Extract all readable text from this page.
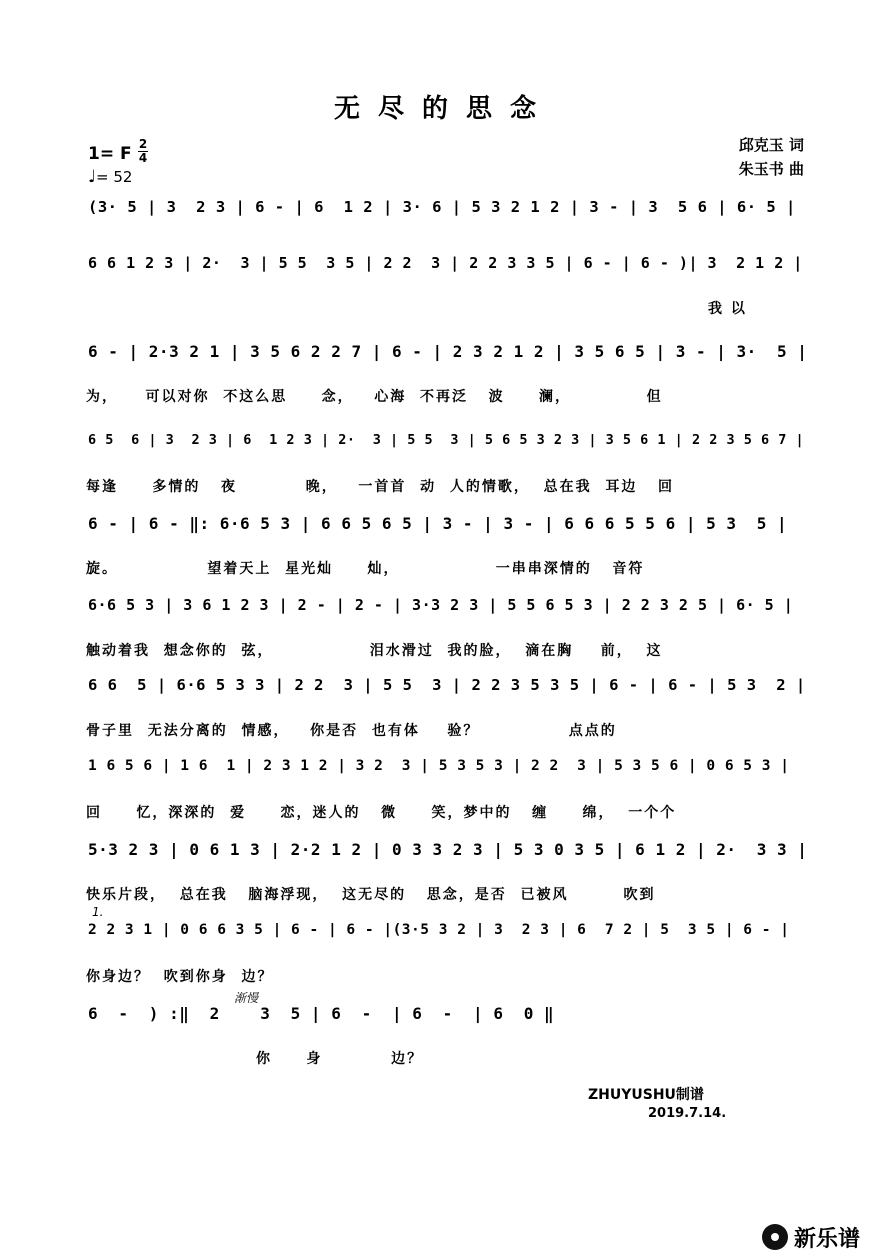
无尽的思念
1= F 2
4
♩= 52
邱克玉 词
朱玉书 曲
(3· 5 | 3  2 3 | 6 - | 6  1 2 | 3· 6 | 5 3 2 1 2 | 3 - | 3  5 6 | 6· 5 |
6 6 1 2 3 | 2·  3 | 5 5  3 5 | 2 2  3 | 2 2 3 3 5 | 6 - | 6 - )| 3  2 1 2 |
我 以
6 - | 2·3 2 1 | 3 5 6 2 2 7 | 6 - | 2 3 2 1 2 | 3 5 6 5 | 3 - | 3·  5 |
为，    可以对你  不这么思     念，   心海  不再泛   波     澜，           但
6 5  6 | 3  2 3 | 6  1 2 3 | 2·  3 | 5 5  3 | 5 6 5 3 2 3 | 3 5 6 1 | 2 2 3 5 6 7 |
每逢     多情的   夜          晚，   一首首  动  人的情歌，  总在我  耳边   回
6 - | 6 - ‖: 6·6 5 3 | 6 6 5 6 5 | 3 - | 3 - | 6 6 6 5 5 6 | 5 3  5 |
旋。             望着天上  星光灿     灿，              一串串深情的   音符
6·6 5 3 | 3 6 1 2 3 | 2 - | 2 - | 3·3 2 3 | 5 5 6 5 3 | 2 2 3 2 5 | 6· 5 |
触动着我  想念你的  弦，              泪水滑过  我的脸，  滴在胸    前，  这
6 6  5 | 6·6 5 3 3 | 2 2  3 | 5 5  3 | 2 2 3 5 3 5 | 6 - | 6 - | 5 3  2 |
骨子里  无法分离的  情感，   你是否  也有体    验？             点点的
1 6 5 6 | 1 6  1 | 2 3 1 2 | 3 2  3 | 5 3 5 3 | 2 2  3 | 5 3 5 6 | 0 6 5 3 |
回     忆，深深的  爱     恋，迷人的   微     笑，梦中的   缠     绵，  一个个
5·3 2 3 | 0 6 1 3 | 2·2 1 2 | 0 3 3 2 3 | 5 3 0 3 5 | 6 1 2 | 2·  3 3 |
快乐片段，  总在我   脑海浮现，  这无尽的   思念，是否  已被风        吹到
2 2 3 1 | 0 6 6 3 5 | 6 - | 6 - |(3·5 3 2 | 3  2 3 | 6  7 2 | 5  3 5 | 6 - |
你身边？  吹到你身  边？
6  -  ) :‖  2    3  5 | 6  -  | 6  -  | 6  0 ‖
你     身          边？
1.
渐慢
ZHUYUSHU制谱
2019.7.14.
新乐谱
